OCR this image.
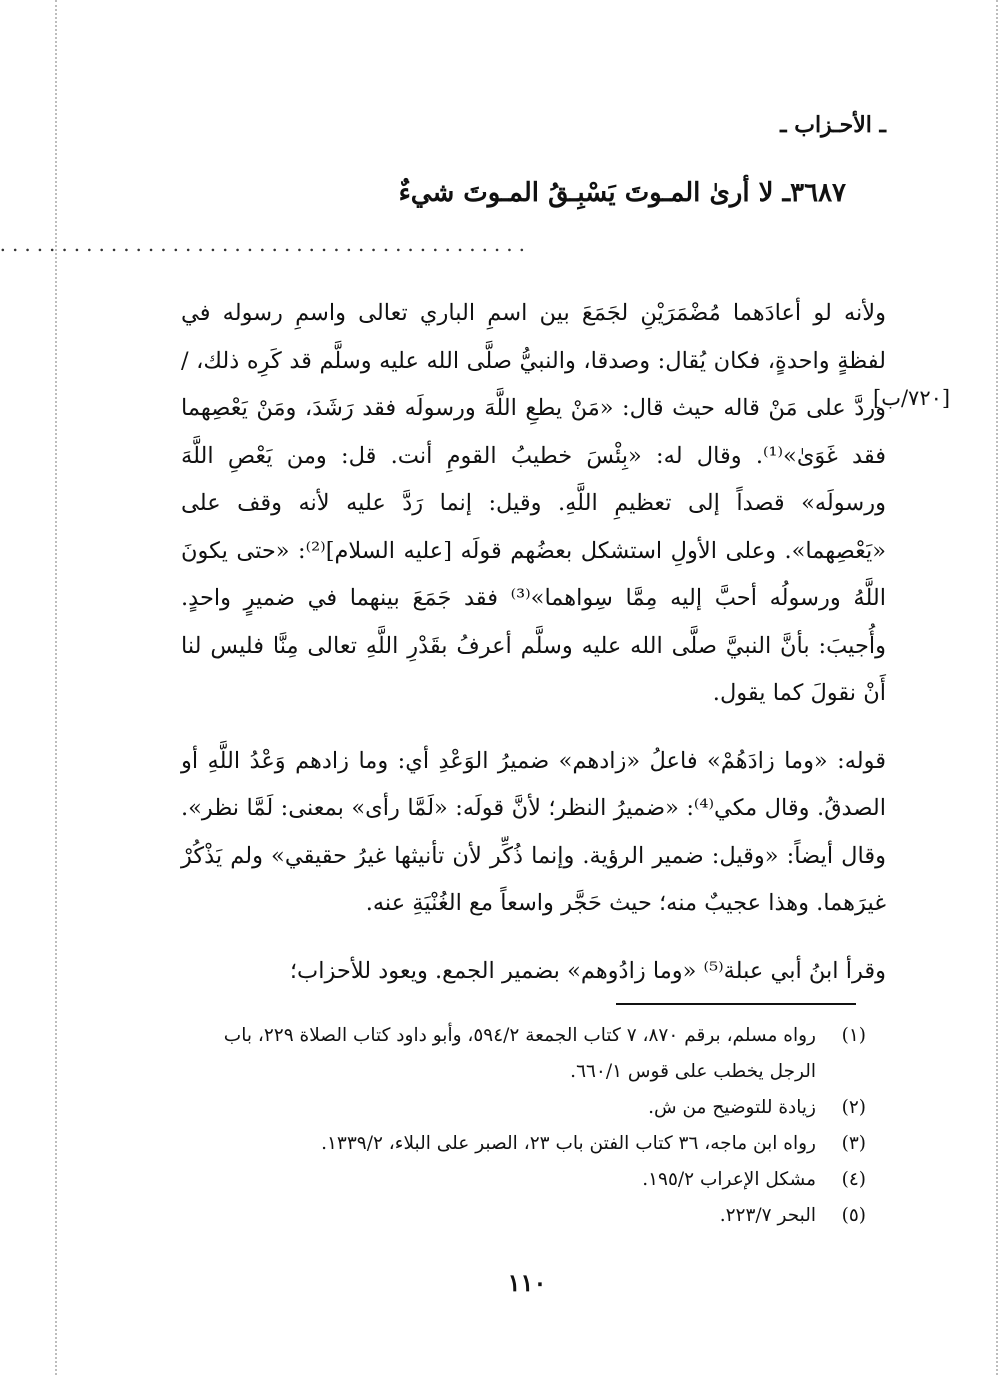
ـ الأحـزاب ـ
٣٦٨٧ـ لا أرىٰ المـوتَ يَسْبِـقُ المـوتَ شيءٌ
...........................................
[٧٢٠/ب]

ولأنه لو أعادَهما مُضْمَرَيْنِ لجَمَعَ بين اسمِ الباري تعالى واسمِ رسوله في لفظةٍ واحدةٍ، فكان يُقال: وصدقا، والنبيُّ صلَّى الله عليه وسلَّم قد كَرِه ذلك، / وردَّ على مَنْ قاله حيث قال: «مَنْ يطعِ اللَّهَ ورسولَه فقد رَشَدَ، ومَنْ يَعْصِهما فقد غَوَىٰ»⁽¹⁾. وقال له: «بِئْسَ خطيبُ القومِ أنت. قل: ومن يَعْصِ اللَّهَ ورسولَه» قصداً إلى تعظيمِ اللَّهِ. وقيل: إنما رَدَّ عليه لأنه وقف على «يَعْصِهما». وعلى الأولِ استشكل بعضُهم قولَه [عليه السلام]⁽²⁾: «حتى يكونَ اللَّهُ ورسولُه أحبَّ إليه مِمَّا سِواهما»⁽³⁾ فقد جَمَعَ بينهما في ضميرٍ واحدٍ. وأُجيبَ: بأنَّ النبيَّ صلَّى الله عليه وسلَّم أعرفُ بقَدْرِ اللَّهِ تعالى مِنَّا فليس لنا أَنْ نقولَ كما يقول.

قوله: «وما زادَهُمْ» فاعلُ «زادهم» ضميرُ الوَعْدِ أي: وما زادهم وَعْدُ اللَّهِ أو الصدقُ. وقال مكي⁽⁴⁾: «ضميرُ النظر؛ لأنَّ قولَه: «لَمَّا رأى» بمعنى: لَمَّا نظر». وقال أيضاً: «وقيل: ضمير الرؤية. وإنما ذُكِّر لأن تأنيثها غيرُ حقيقي» ولم يَذْكُرْ غيرَهما. وهذا عجيبٌ منه؛ حيث حَجَّر واسعاً مع الغُنْيَةِ عنه.

وقرأ ابنُ أبي عبلة⁽⁵⁾ «وما زادُوهم» بضمير الجمع. ويعود للأحزاب؛

(١)
رواه مسلم، برقم ٨٧٠، ٧ كتاب الجمعة ٥٩٤/٢، وأبو داود كتاب الصلاة ٢٢٩، باب الرجل يخطب على قوس ٦٦٠/١.
(٢)
زيادة للتوضيح من ش.
(٣)
رواه ابن ماجه، ٣٦ كتاب الفتن باب ٢٣، الصبر على البلاء، ١٣٣٩/٢.
(٤)
مشكل الإعراب ١٩٥/٢.
(٥)
البحر ٢٢٣/٧.
١١٠
